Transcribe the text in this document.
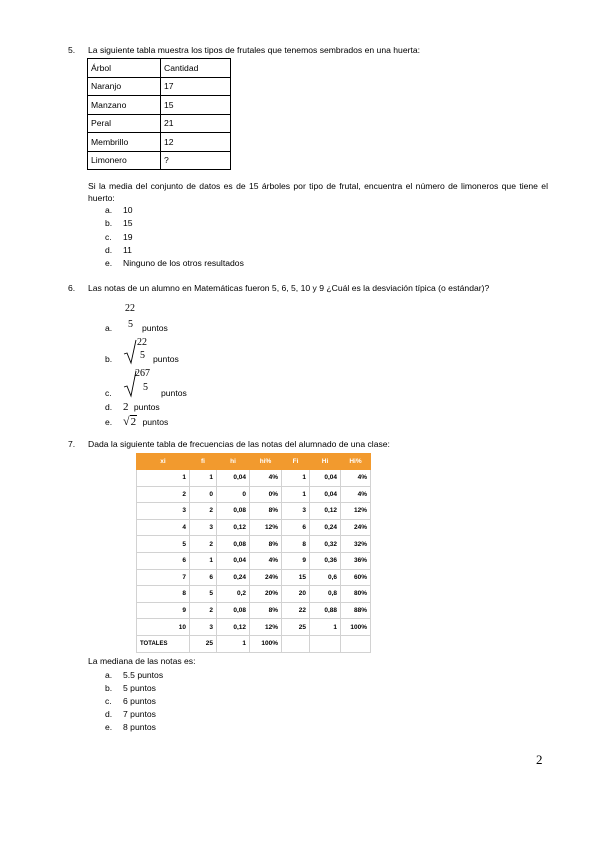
5. La siguiente tabla muestra los tipos de frutales que tenemos sembrados en una huerta:
Árbol	Cantidad
Naranjo	17
Manzano	15
Peral	21
Membrillo	12
Limonero	?
Si la media del conjunto de datos es de 15 árboles por tipo de frutal, encuentra el número de limoneros que tiene el huerto:
a. 10
b. 15
c. 19
d. 11
e. Ninguno de los otros resultados
6. Las notas de un alumno en Matemáticas fueron 5, 6, 5, 10 y 9 ¿Cuál es la desviación típica (o estándar)?
a.
22
5 puntos
b.
22
5 puntos
c.
267
5 puntos
d. 2 puntos
e. √2 puntos
7. Dada la siguiente tabla de frecuencias de las notas del alumnado de una clase:
xi	fi	hi	hi%	Fi	Hi	Hi%
1	1	0,04	4%	1	0,04	4%
2	0	0	0%	1	0,04	4%
3	2	0,08	8%	3	0,12	12%
4	3	0,12	12%	6	0,24	24%
5	2	0,08	8%	8	0,32	32%
6	1	0,04	4%	9	0,36	36%
7	6	0,24	24%	15	0,6	60%
8	5	0,2	20%	20	0,8	80%
9	2	0,08	8%	22	0,88	88%
10	3	0,12	12%	25	1	100%
TOTALES	25	1	100%			
La mediana de las notas es:
a. 5.5 puntos
b. 5 puntos
c. 6 puntos
d. 7 puntos
e. 8 puntos
2
